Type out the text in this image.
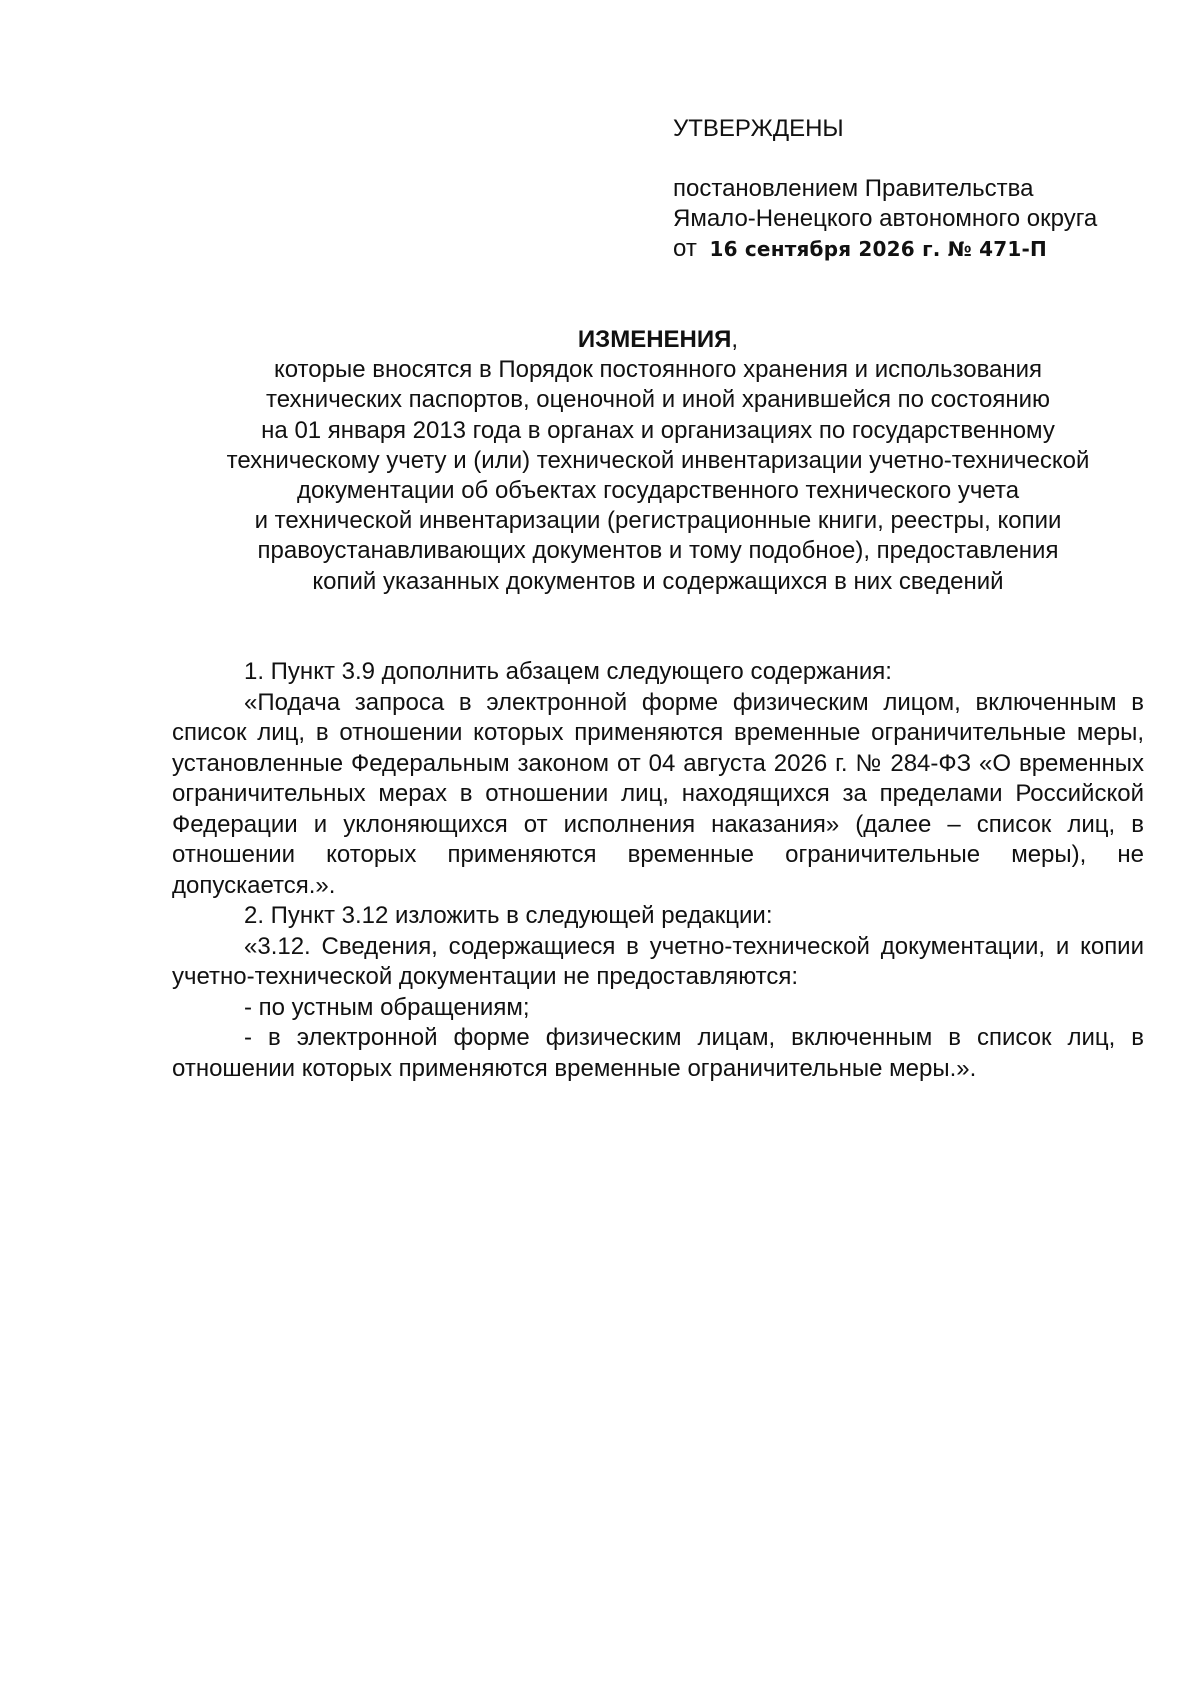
УТВЕРЖДЕНЫ
постановлением Правительства
Ямало-Ненецкого автономного округа
от 16 сентября 2026 г. № 471-П
ИЗМЕНЕНИЯ,
которые вносятся в Порядок постоянного хранения и использования
технических паспортов, оценочной и иной хранившейся по состоянию
на 01 января 2013 года в органах и организациях по государственному
техническому учету и (или) технической инвентаризации учетно-технической
документации об объектах государственного технического учета
и технической инвентаризации (регистрационные книги, реестры, копии
правоустанавливающих документов и тому подобное), предоставления
копий указанных документов и содержащихся в них сведений

1. Пункт 3.9 дополнить абзацем следующего содержания:

«Подача запроса в электронной форме физическим лицом, включенным в список лиц, в отношении которых применяются временные ограничительные меры, установленные Федеральным законом от 04 августа 2026 г. № 284-ФЗ «О временных ограничительных мерах в отношении лиц, находящихся за пределами Российской Федерации и уклоняющихся от исполнения наказания» (далее – список лиц, в отношении которых применяются временные ограничительные меры), не допускается.».

2. Пункт 3.12 изложить в следующей редакции:

«3.12. Сведения, содержащиеся в учетно-технической документации, и копии учетно-технической документации не предоставляются:

- по устным обращениям;

- в электронной форме физическим лицам, включенным в список лиц, в отношении которых применяются временные ограничительные меры.».
